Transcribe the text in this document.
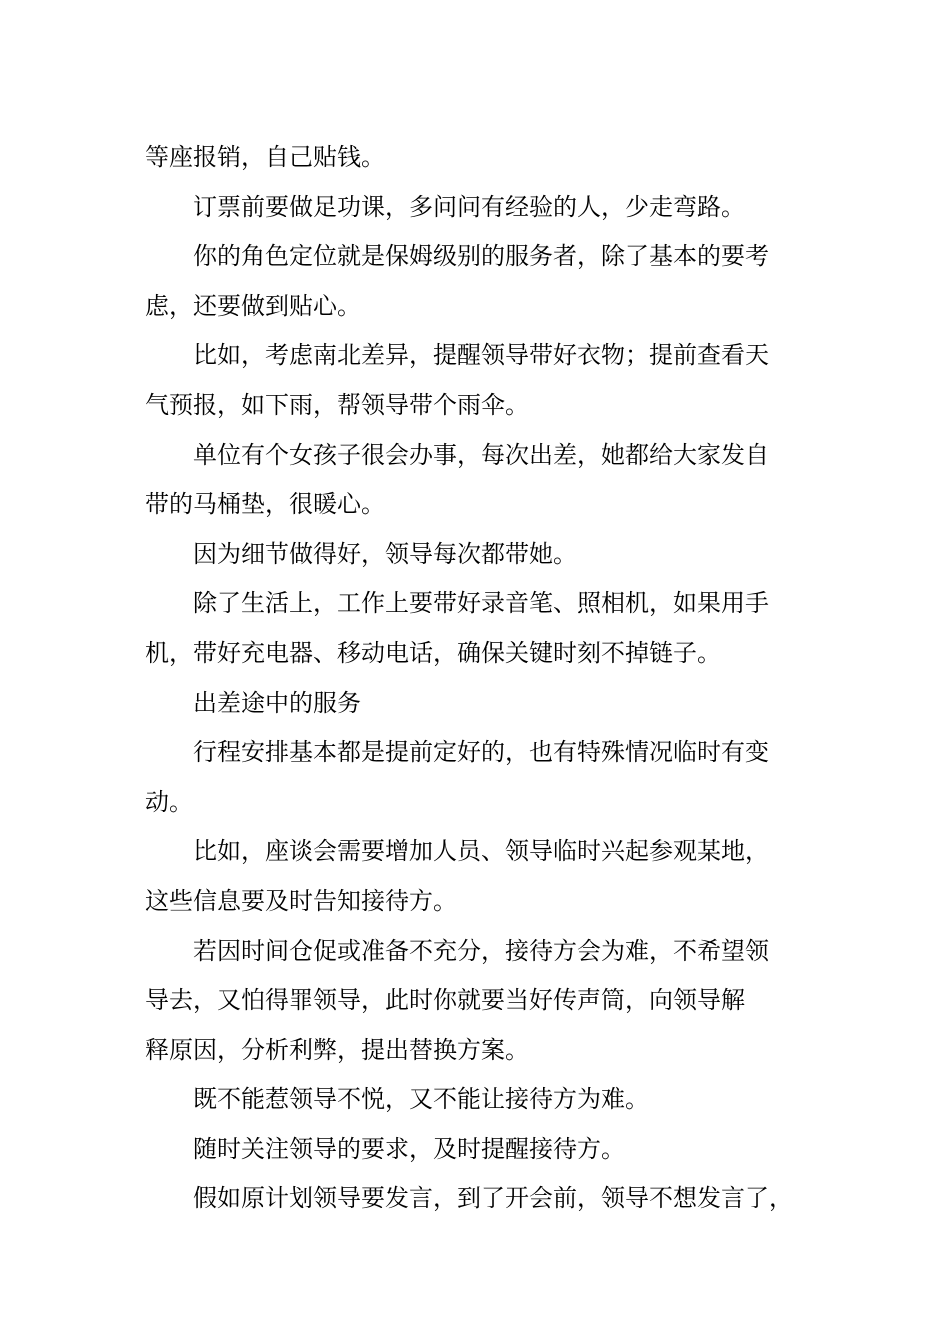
等座报销，自己贴钱。
订票前要做足功课，多问问有经验的人，少走弯路。
你的角色定位就是保姆级别的服务者，除了基本的要考
虑，还要做到贴心。
比如，考虑南北差异，提醒领导带好衣物；提前查看天
气预报，如下雨，帮领导带个雨伞。
单位有个女孩子很会办事，每次出差，她都给大家发自
带的马桶垫，很暖心。
因为细节做得好，领导每次都带她。
除了生活上，工作上要带好录音笔、照相机，如果用手
机，带好充电器、移动电话，确保关键时刻不掉链子。
出差途中的服务
行程安排基本都是提前定好的，也有特殊情况临时有变
动。
比如，座谈会需要增加人员、领导临时兴起参观某地，
这些信息要及时告知接待方。
若因时间仓促或准备不充分，接待方会为难，不希望领
导去，又怕得罪领导，此时你就要当好传声筒，向领导解
释原因，分析利弊，提出替换方案。
既不能惹领导不悦，又不能让接待方为难。
随时关注领导的要求，及时提醒接待方。
假如原计划领导要发言，到了开会前，领导不想发言了，
